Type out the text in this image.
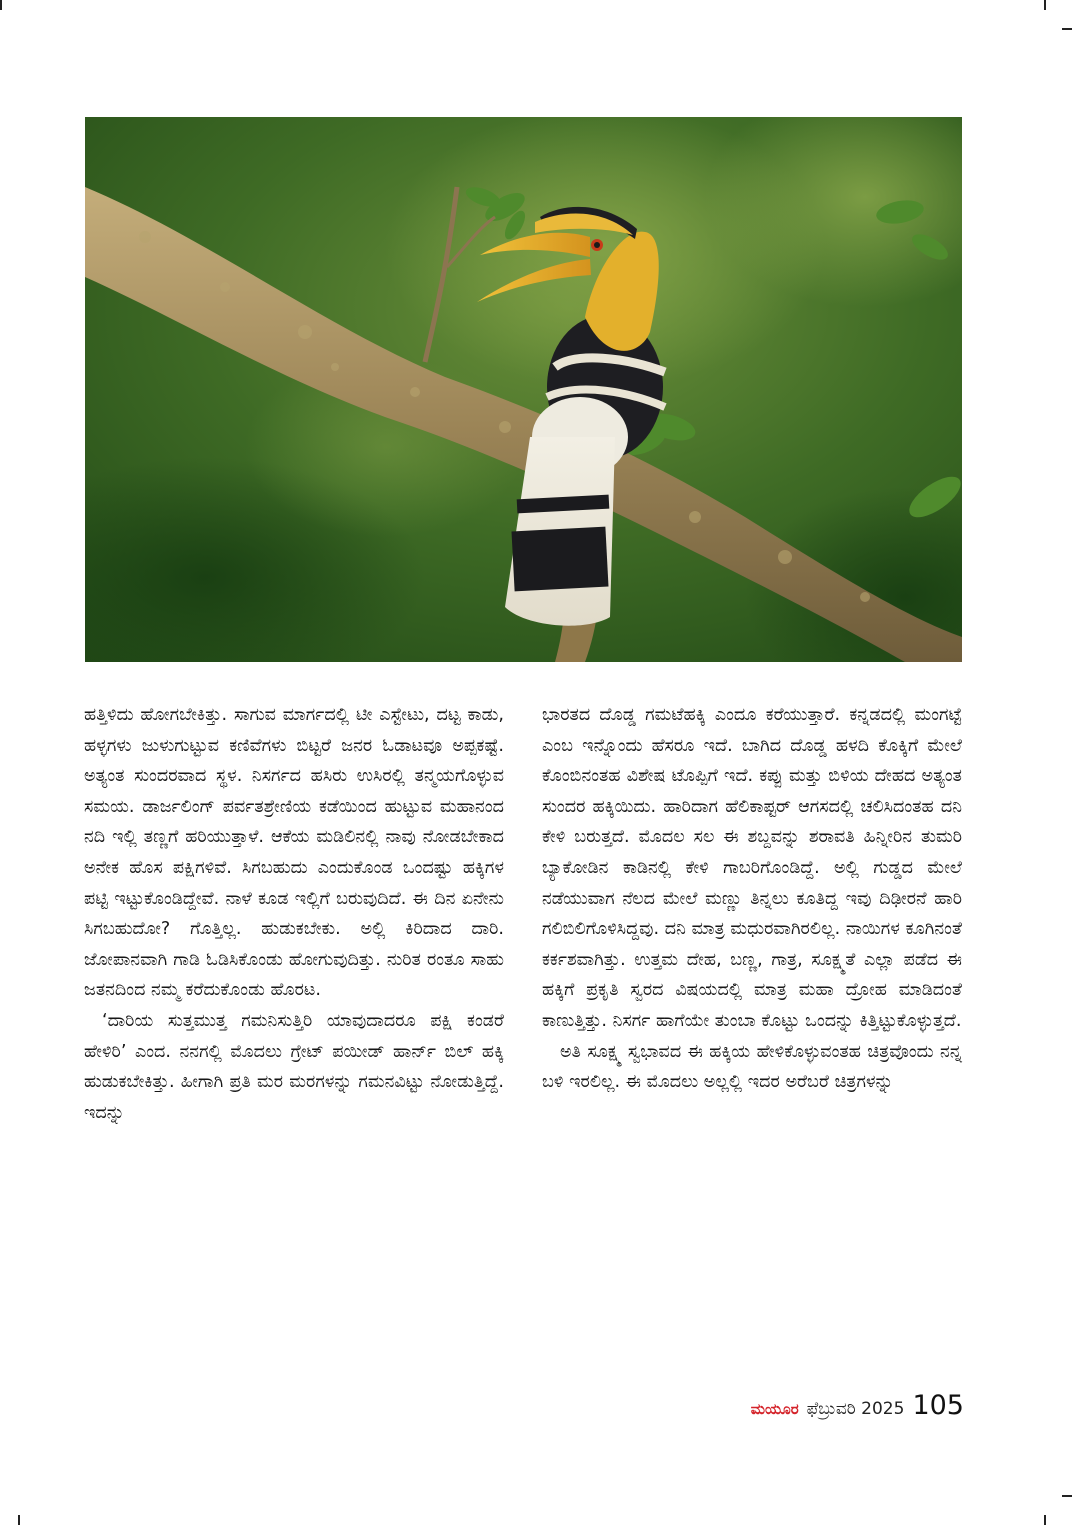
ಹತ್ತಿಳಿದು ಹೋಗಬೇಕಿತ್ತು. ಸಾಗುವ ಮಾರ್ಗದಲ್ಲಿ ಟೀ ಎಸ್ಟೇಟು, ದಟ್ಟ ಕಾಡು, ಹಳ್ಳಗಳು ಜುಳುಗುಟ್ಟುವ ಕಣಿವೆಗಳು ಬಿಟ್ಟರೆ ಜನರ ಓಡಾಟವೂ ಅಪ್ಪಕಷ್ಟೆ. ಅತ್ಯಂತ ಸುಂದರವಾದ ಸ್ಥಳ. ನಿಸರ್ಗದ ಹಸಿರು ಉಸಿರಲ್ಲಿ ತನ್ಮಯಗೊಳ್ಳುವ ಸಮಯ. ಡಾರ್ಜಲಿಂಗ್ ಪರ್ವತಶ್ರೇಣಿಯ ಕಡೆಯಿಂದ ಹುಟ್ಟುವ ಮಹಾನಂದ ನದಿ ಇಲ್ಲಿ ತಣ್ಣಗೆ ಹರಿಯುತ್ತಾಳೆ. ಆಕೆಯ ಮಡಿಲಿನಲ್ಲಿ ನಾವು ನೋಡಬೇಕಾದ ಅನೇಕ ಹೊಸ ಪಕ್ಷಿಗಳಿವೆ. ಸಿಗಬಹುದು ಎಂದುಕೊಂಡ ಒಂದಷ್ಟು ಹಕ್ಕಿಗಳ ಪಟ್ಟಿ ಇಟ್ಟುಕೊಂಡಿದ್ದೇವೆ. ನಾಳೆ ಕೂಡ ಇಲ್ಲಿಗೆ ಬರುವುದಿದೆ. ಈ ದಿನ ಏನೇನು ಸಿಗಬಹುದೋ? ಗೊತ್ತಿಲ್ಲ. ಹುಡುಕಬೇಕು. ಅಲ್ಲಿ ಕಿರಿದಾದ ದಾರಿ. ಜೋಪಾನವಾಗಿ ಗಾಡಿ ಓಡಿಸಿಕೊಂಡು ಹೋಗುವುದಿತ್ತು. ನುರಿತ ರಂತೂ ಸಾಹು ಜತನದಿಂದ ನಮ್ಮ ಕರೆದುಕೊಂಡು ಹೊರಟ.

‘ದಾರಿಯ ಸುತ್ತಮುತ್ತ ಗಮನಿಸುತ್ತಿರಿ ಯಾವುದಾದರೂ ಪಕ್ಷಿ ಕಂಡರೆ ಹೇಳಿರಿ’ ಎಂದ. ನನಗಲ್ಲಿ ಮೊದಲು ಗ್ರೇಟ್ ಪಯೀಡ್ ಹಾರ್ನ್ ಬಿಲ್ ಹಕ್ಕಿ ಹುಡುಕಬೇಕಿತ್ತು. ಹೀಗಾಗಿ ಪ್ರತಿ ಮರ ಮರಗಳನ್ನು ಗಮನವಿಟ್ಟು ನೋಡುತ್ತಿದ್ದೆ. ಇದನ್ನು

ಭಾರತದ ದೊಡ್ಡ ಗಮಟೆಹಕ್ಕಿ ಎಂದೂ ಕರೆಯುತ್ತಾರೆ. ಕನ್ನಡದಲ್ಲಿ ಮಂಗಟ್ಟೆ ಎಂಬ ಇನ್ನೊಂದು ಹೆಸರೂ ಇದೆ. ಬಾಗಿದ ದೊಡ್ಡ ಹಳದಿ ಕೊಕ್ಕಿಗೆ ಮೇಲೆ ಕೊಂಬಿನಂತಹ ವಿಶೇಷ ಟೊಪ್ಪಿಗೆ ಇದೆ. ಕಪ್ಪು ಮತ್ತು ಬಿಳಿಯ ದೇಹದ ಅತ್ಯಂತ ಸುಂದರ ಹಕ್ಕಿಯಿದು. ಹಾರಿದಾಗ ಹೆಲಿಕಾಪ್ಟರ್ ಆಗಸದಲ್ಲಿ ಚಲಿಸಿದಂತಹ ದನಿ ಕೇಳಿ ಬರುತ್ತದೆ. ಮೊದಲ ಸಲ ಈ ಶಬ್ದವನ್ನು ಶರಾವತಿ ಹಿನ್ನೀರಿನ ತುಮರಿ ಬ್ಯಾಕೋಡಿನ ಕಾಡಿನಲ್ಲಿ ಕೇಳಿ ಗಾಬರಿಗೊಂಡಿದ್ದೆ. ಅಲ್ಲಿ ಗುಡ್ಡದ ಮೇಲೆ ನಡೆಯುವಾಗ ನೆಲದ ಮೇಲೆ ಮಣ್ಣು ತಿನ್ನಲು ಕೂತಿದ್ದ ಇವು ದಿಢೀರನೆ ಹಾರಿ ಗಲಿಬಿಲಿಗೊಳಿಸಿದ್ದವು. ದನಿ ಮಾತ್ರ ಮಧುರವಾಗಿರಲಿಲ್ಲ. ನಾಯಿಗಳ ಕೂಗಿನಂತೆ ಕರ್ಕಶವಾಗಿತ್ತು. ಉತ್ತಮ ದೇಹ, ಬಣ್ಣ, ಗಾತ್ರ, ಸೂಕ್ಷ್ಮತೆ ಎಲ್ಲಾ ಪಡೆದ ಈ ಹಕ್ಕಿಗೆ ಪ್ರಕೃತಿ ಸ್ವರದ ವಿಷಯದಲ್ಲಿ ಮಾತ್ರ ಮಹಾ ದ್ರೋಹ ಮಾಡಿದಂತೆ ಕಾಣುತ್ತಿತ್ತು. ನಿಸರ್ಗ ಹಾಗೆಯೇ ತುಂಬಾ ಕೊಟ್ಟು ಒಂದನ್ನು ಕಿತ್ತಿಟ್ಟುಕೊಳ್ಳುತ್ತದೆ.

ಅತಿ ಸೂಕ್ಷ್ಮ ಸ್ವಭಾವದ ಈ ಹಕ್ಕಿಯ ಹೇಳಿಕೊಳ್ಳುವಂತಹ ಚಿತ್ರವೊಂದು ನನ್ನ ಬಳಿ ಇರಲಿಲ್ಲ. ಈ ಮೊದಲು ಅಲ್ಲಲ್ಲಿ ಇದರ ಅರೆಬರೆ ಚಿತ್ರಗಳನ್ನು

ಮಯೂರ ಫೆಬ್ರುವರಿ 2025 105
